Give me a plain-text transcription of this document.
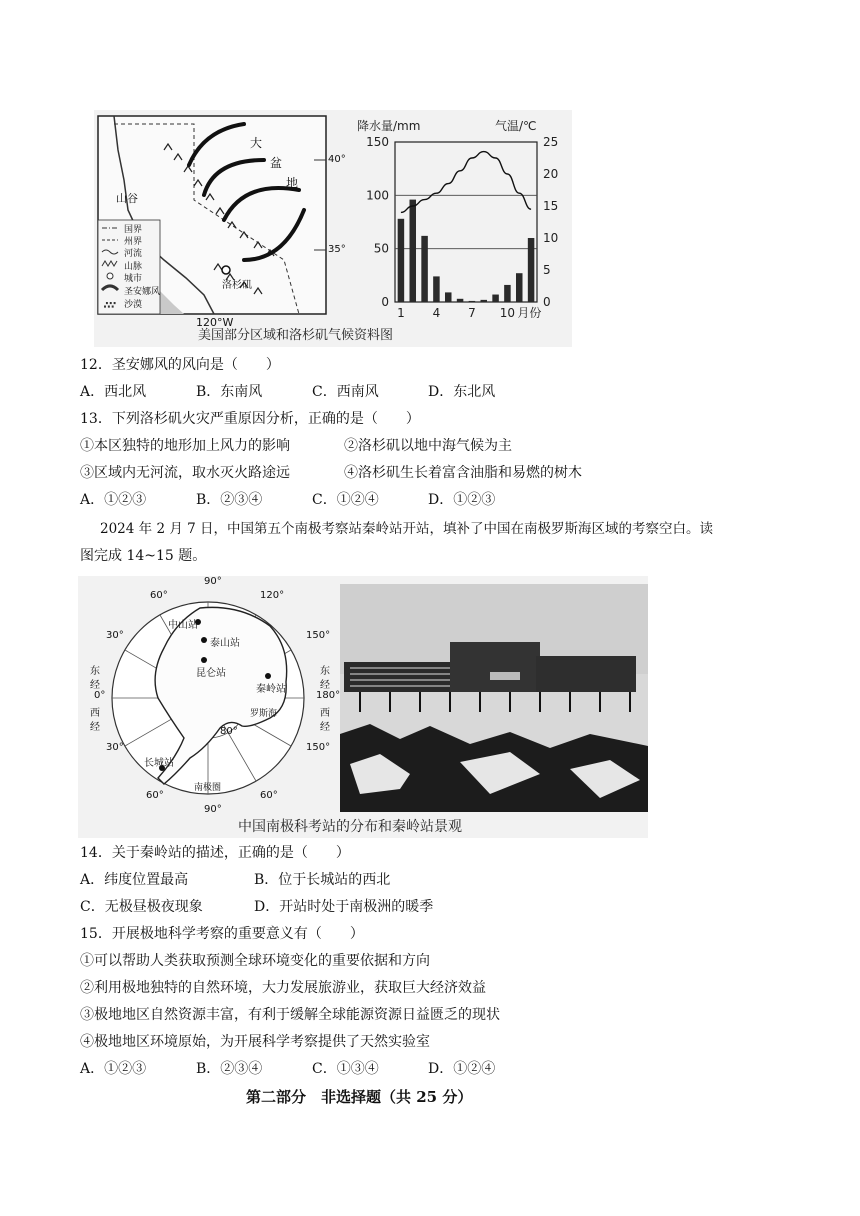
∴∵
大
盆
地
40°
35°
山谷
洛杉矶
120°W
国界
州界
河流
山脉
城市
圣安娜风
沙漠
降水量/mm	气温/℃
150
100
50
0
25
20
15
10
5
0
1 4 7 10 月份
美国部分区域和洛杉矶气候资料图
12．圣安娜风的风向是（　　）
A．西北风	B．东南风	C．西南风	D．东北风
13．下列洛杉矶火灾严重原因分析，正确的是（　　）
①本区独特的地形加上风力的影响	②洛杉矶以地中海气候为主
③区域内无河流，取水灭火路途远	④洛杉矶生长着富含油脂和易燃的树木
A．①②③	B．②③④	C．①②④	D．①②③
2024 年 2 月 7 日，中国第五个南极考察站秦岭站开站，填补了中国在南极罗斯海区域的考察空白。读
图完成 14~15 题。
90°
60°	120°
30°	150°
0°	180°
30°	150°
60°
90°
60°
东
经
西
经
东
经
西
经
中山站
泰山站
昆仑站
秦岭站
长城站
罗斯海
80°
南极圈
中国南极科考站的分布和秦岭站景观
14．关于秦岭站的描述，正确的是（　　）
A．纬度位置最高	B．位于长城站的西北
C．无极昼极夜现象	D．开站时处于南极洲的暖季
15．开展极地科学考察的重要意义有（　　）
①可以帮助人类获取预测全球环境变化的重要依据和方向
②利用极地独特的自然环境，大力发展旅游业，获取巨大经济效益
③极地地区自然资源丰富，有利于缓解全球能源资源日益匮乏的现状
④极地地区环境原始，为开展科学考察提供了天然实验室
A．①②③	B．②③④	C．①③④	D．①②④
第二部分　非选择题（共 25 分）
